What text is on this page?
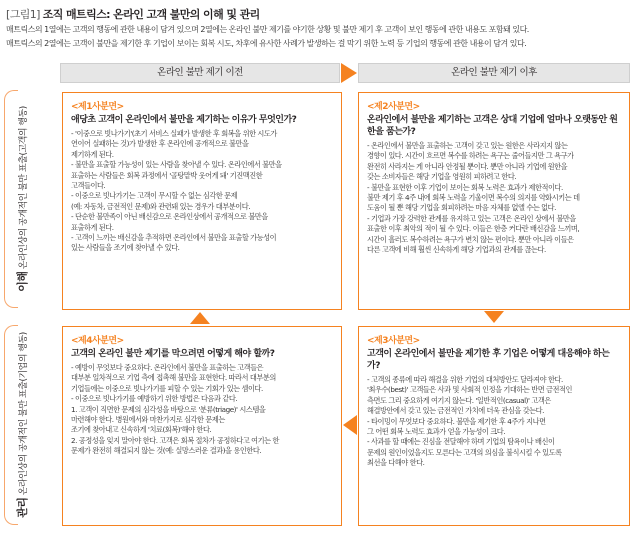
[그림1] 조직 매트릭스: 온라인 고객 불만의 이해 및 관리
매트릭스의 1열에는 고객의 행동에 관한 내용이 담겨 있으며 2열에는 온라인 불만 제기를 야기한 상황 및 불만 제기 후 고객이 보인 행동에 관한 내용도 포함돼 있다.
매트릭스의 2열에는 고객이 불만을 제기한 후 기업이 보이는 회복 시도, 차후에 유사한 사례가 발생하는 걸 막기 위한 노력 등 기업의 행동에 관한 내용이 담겨 있다.
온라인 불만 제기 이전	온라인 불만 제기 이후
이해 온라인상의 공개적인 불만 표출(고객의 행동)
관리 온라인상의 공개적인 불만 표출(기업의 행동)
<제1사분면>
애당초 고객이 온라인에서 불만을 제기하는 이유가 무엇인가?
- '이중으로 빗나가기'(초기 서비스 실패가 발생한 후 회복을 위한 시도가
연이어 실패하는 것)가 발생한 후 온라인에 공개적으로 불만을
제기하게 된다.
- 불만을 표출할 가능성이 있는 사람을 찾아낼 수 있다. 온라인에서 불만을
표출하는 사람들은 회복 과정에서 '골탕맡박 웃어게 돼' 기진맥진한
고객들이다.
- 이중으로 빗나가기는 고객이 무시할 수 없는 심각한 문제
(예: 자동차, 금전적인 문제)와 관련돼 있는 경우가 대부분이다.
- 단순한 불만족이 아닌 배신감으로 온라인상에서 공개적으로 불만을
표출하게 된다.
- 고객이 느끼는 배신감을 추적하면 온라인에서 불만을 표출할 가능성이
있는 사람들을 조기에 찾아낼 수 있다.
<제2사분면>
온라인에서 불만을 제기하는 고객은 상대 기업에 얼마나 오랫동안 원한을 품는가?
- 온라인에서 불만을 표출하는 고객이 갖고 있는 원한은 사라지지 않는
경향이 있다. 시간이 흐르면 복수를 하려는 욕구는 줄어들지만 그 욕구가
완전히 사라지는 게 아니라 안정될 뿐이다. 뿐만 아니라 기업에 원한을
갖는 소비자들은 해당 기업을 영원히 피하려고 한다.
- 불만을 표현한 이후 기업이 보이는 회복 노력은 효과가 제한적이다.
불만 제기 후 4주 내에 회복 노력을 기울이면 복수의 의지를 약화시키는 데
도움이 될 뿐 해당 기업을 회피하려는 마음 자체를 없앨 수는 없다.
- 기업과 가장 강력한 관계를 유지하고 있는 고객은 온라인 상에서 불만을
표출한 이후 최악의 적이 될 수 있다. 이들은 한층 커다란 배신감을 느끼며,
시간이 흘러도 복수하려는 욕구가 변치 않는 편이다. 뿐만 아니라 이들은
다른 고객에 비해 훨씬 신속하게 해당 기업과의 관계를 끊는다.
<제3사분면>
고객이 온라인에서 불만을 제기한 후 기업은 어떻게 대응해야 하는가?
- 고객의 종류에 따라 해결을 위한 기업의 대처방안도 달라져야 한다.
'최우수(best)' 고객들은 사과 및 사회적 인정을 기대하는 반면 금전적인
측면도 그리 중요하게 여기지 않는다. '일반적인(casual)' 고객은
해결방안에서 갖고 있는 금전적인 가치에 더욱 관심을 갖는다.
- 타이밍이 무엇보다 중요하다. 불만을 제기한 후 4주가 지나면
그 어떤 회복 노력도 효과가 얻을 가능성이 크다.
- 사과를 할 때에는 진심을 전달해야 하며 기업의 탐욕이나 배신이
문제의 원인이었을지도 모른다는 고객의 의심을 불식시킬 수 있도록
최선을 다해야 한다.
<제4사분면>
고객의 온라인 불만 제기를 막으려면 어떻게 해야 할까?
- 예방이 무엇보다 중요하다. 온라인에서 불만을 표출하는 고객들은
대부분 일차적으로 기업 측에 접촉해 불만을 표현한다. 따라서 대부분의
기업들에는 이중으로 빗나가기를 피할 수 있는 기회가 있는 셈이다.
- 이중으로 빗나가기를 예방하기 위한 방법은 다음과 같다.
1. 고객이 직면한 문제의 심각성을 바탕으로 '분류(triage)' 시스템을
마련해야 한다. 병원에서와 마찬가지로 심각한 문제는
조기에 찾아내고 신속하게 '치료(회복)'해야 한다.
2. 공정성을 잊지 말아야 한다. 고객은 회복 절차가 공정하다고 여기는 한
문제가 완전히 해결되지 않는 것(예: 실망스러운 결과)을 용인한다.
